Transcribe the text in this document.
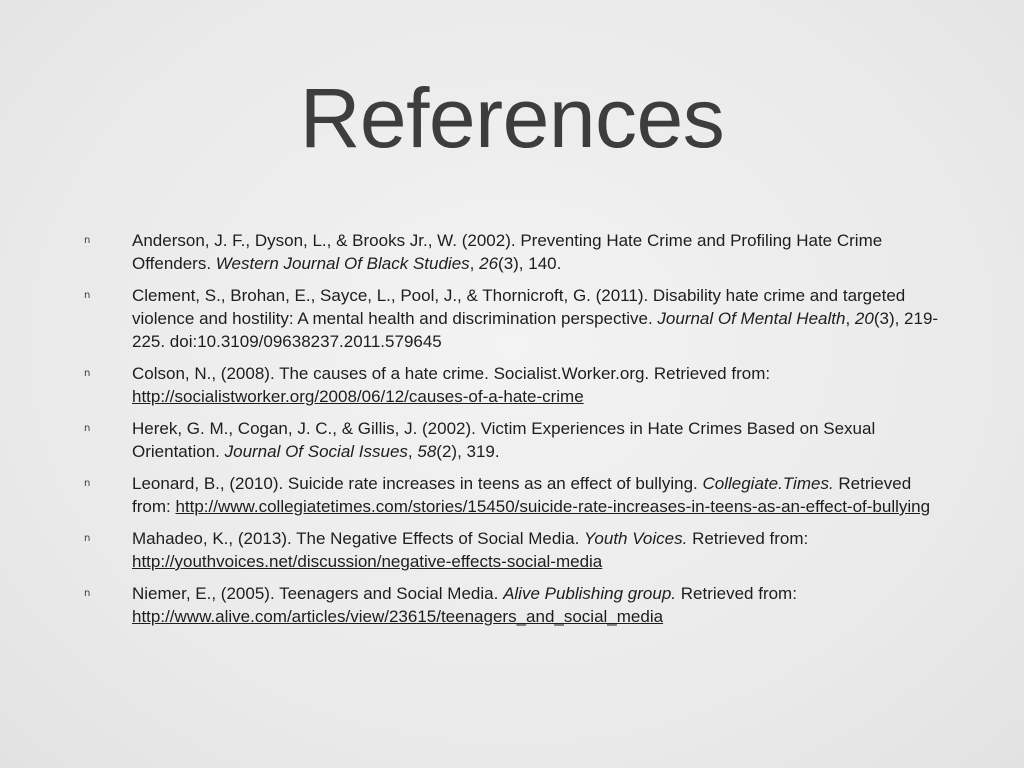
References
n Anderson, J. F., Dyson, L., & Brooks Jr., W. (2002). Preventing Hate Crime and Profiling Hate Crime Offenders. Western Journal Of Black Studies, 26(3), 140.
n Clement, S., Brohan, E., Sayce, L., Pool, J., & Thornicroft, G. (2011). Disability hate crime and targeted violence and hostility: A mental health and discrimination perspective. Journal Of Mental Health, 20(3), 219-225. doi:10.3109/09638237.2011.579645
n Colson, N., (2008). The causes of a hate crime. Socialist.Worker.org. Retrieved from: http://socialistworker.org/2008/06/12/causes-of-a-hate-crime
n Herek, G. M., Cogan, J. C., & Gillis, J. (2002). Victim Experiences in Hate Crimes Based on Sexual Orientation. Journal Of Social Issues, 58(2), 319.
n Leonard, B., (2010). Suicide rate increases in teens as an effect of bullying. Collegiate.Times. Retrieved from: http://www.collegiatetimes.com/stories/15450/suicide-rate-increases-in-teens-as-an-effect-of-bullying
n Mahadeo, K., (2013). The Negative Effects of Social Media. Youth Voices. Retrieved from: http://youthvoices.net/discussion/negative-effects-social-media
n Niemer, E., (2005). Teenagers and Social Media. Alive Publishing group. Retrieved from: http://www.alive.com/articles/view/23615/teenagers_and_social_media
